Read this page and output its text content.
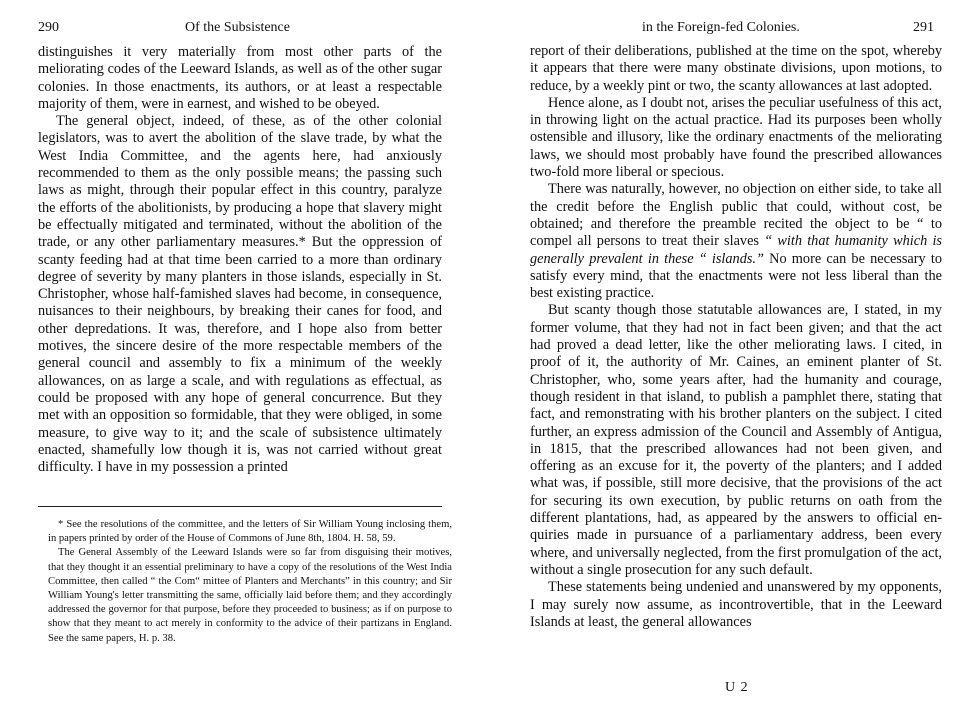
290	Of the Subsistence

distinguishes it very materially from most other parts of the meliorating codes of the Leeward Islands, as well as of the other sugar colonies. In those enactments, its authors, or at least a respectable majority of them, were in earnest, and wished to be obeyed.

The general object, indeed, of these, as of the other colonial legislators, was to avert the abolition of the slave trade, by what the West India Committee, and the agents here, had anxiously recommended to them as the only possible means; the passing such laws as might, through their popular effect in this country, paralyze the efforts of the abolitionists, by producing a hope that slavery might be effectually mitigated and terminated, without the abolition of the trade, or any other parliamentary measures.* But the oppression of scanty feeding had at that time been carried to a more than ordinary degree of severity by many planters in those islands, especially in St. Christopher, whose half-famished slaves had become, in consequence, nuisances to their neighbours, by breaking their canes for food, and other depredations. It was, therefore, and I hope also from better motives, the sincere desire of the more respectable members of the general council and assembly to fix a minimum of the weekly allowances, on as large a scale, and with regulations as effectual, as could be proposed with any hope of general concurrence. But they met with an opposition so formidable, that they were obliged, in some measure, to give way to it; and the scale of subsistence ultimately enacted, shamefully low though it is, was not carried without great difficulty. I have in my possession a printed

* See the resolutions of the committee, and the letters of Sir William Young inclosing them, in papers printed by order of the House of Commons of June 8th, 1804. H. 58, 59.

The General Assembly of the Leeward Islands were so far from disguising their motives, that they thought it an essential preliminary to have a copy of the resolutions of the West India Committee, then called “ the Com“ mittee of Planters and Merchants” in this country; and Sir William Young's letter transmitting the same, officially laid before them; and they accordingly addressed the governor for that purpose, before they proceeded to business; as if on purpose to show that they meant to act merely in conformity to the advice of their partizans in England. See the same papers, H. p. 38.

in the Foreign-fed Colonies.	291

report of their deliberations, published at the time on the spot, whereby it appears that there were many obstinate divisions, upon motions, to reduce, by a weekly pint or two, the scanty allowances at last adopted.

Hence alone, as I doubt not, arises the peculiar usefulness of this act, in throwing light on the actual practice. Had its purposes been wholly ostensible and illusory, like the ordinary enactments of the meliorating laws, we should most probably have found the prescribed allowances two-fold more liberal or specious.

There was naturally, however, no objection on either side, to take all the credit before the English public that could, without cost, be obtained; and therefore the preamble recited the object to be “ to compel all persons to treat their slaves “ with that humanity which is generally prevalent in these “ islands.” No more can be necessary to satisfy every mind, that the enactments were not less liberal than the best existing practice.

But scanty though those statutable allowances are, I stated, in my former volume, that they had not in fact been given; and that the act had proved a dead letter, like the other meliorating laws. I cited, in proof of it, the authority of Mr. Caines, an eminent planter of St. Christopher, who, some years after, had the humanity and courage, though resident in that island, to publish a pamphlet there, stating that fact, and remonstrating with his brother planters on the subject. I cited further, an express admission of the Council and Assembly of Antigua, in 1815, that the prescribed allowances had not been given, and offering as an excuse for it, the poverty of the planters; and I added what was, if possible, still more decisive, that the provisions of the act for securing its own execution, by public returns on oath from the different plantations, had, as appeared by the answers to official enquiries made in pursuance of a parliamentary address, been every where, and universally neglected, from the first promulgation of the act, without a single prosecution for any such default.

These statements being undenied and unanswered by my opponents, I may surely now assume, as incontrovertible, that in the Leeward Islands at least, the general allowances

U 2
